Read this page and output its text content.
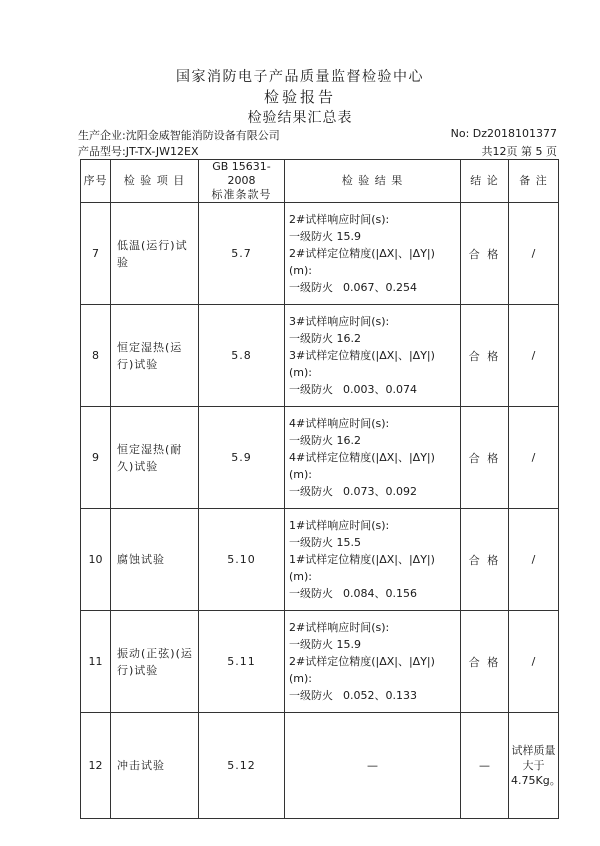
国家消防电子产品质量监督检验中心
检验报告
检验结果汇总表
生产企业:沈阳金威智能消防设备有限公司
产品型号:JT-TX-JW12EX
No: Dz2018101377
共12页 第 5 页
序号	检 验 项 目	GB 15631-2008
标准条款号	检 验 结 果	结 论	备 注
7	低温(运行)试验	5.7	2#试样响应时间(s):
一级防火 15.9
2#试样定位精度(|ΔX|、|ΔY|)
(m):
一级防火 0.067、0.254	合 格	/
8	恒定湿热(运行)试验	5.8	3#试样响应时间(s):
一级防火 16.2
3#试样定位精度(|ΔX|、|ΔY|)
(m):
一级防火 0.003、0.074	合 格	/
9	恒定湿热(耐久)试验	5.9	4#试样响应时间(s):
一级防火 16.2
4#试样定位精度(|ΔX|、|ΔY|)
(m):
一级防火 0.073、0.092	合 格	/
10	腐蚀试验	5.10	1#试样响应时间(s):
一级防火 15.5
1#试样定位精度(|ΔX|、|ΔY|)
(m):
一级防火 0.084、0.156	合 格	/
11	振动(正弦)(运行)试验	5.11	2#试样响应时间(s):
一级防火 15.9
2#试样定位精度(|ΔX|、|ΔY|)
(m):
一级防火 0.052、0.133	合 格	/
12	冲击试验	5.12	—	—	试样质量大于4.75Kg。
